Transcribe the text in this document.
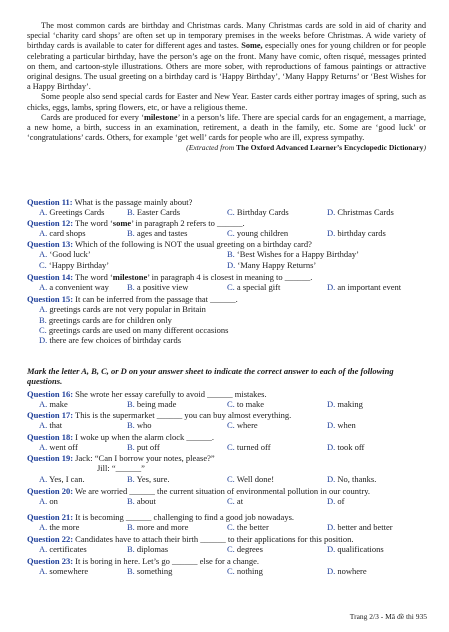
The most common cards are birthday and Christmas cards. Many Christmas cards are sold in aid of charity and special ‘charity card shops’ are often set up in temporary premises in the weeks before Christmas. A wide variety of birthday cards is available to cater for different ages and tastes. Some, especially ones for young children or for people celebrating a particular birthday, have the person’s age on the front. Many have comic, often risqué, messages printed on them, and cartoon-style illustrations. Others are more sober, with reproductions of famous paintings or attractive original designs. The usual greeting on a birthday card is ‘Happy Birthday’, ‘Many Happy Returns’ or ‘Best Wishes for a Happy Birthday’.

Some people also send special cards for Easter and New Year. Easter cards either portray images of spring, such as chicks, eggs, lambs, spring flowers, etc, or have a religious theme.

Cards are produced for every ‘milestone’ in a person’s life. There are special cards for an engagement, a marriage, a new home, a birth, success in an examination, retirement, a death in the family, etc. Some are ‘good luck’ or ‘congratulations’ cards. Others, for example ‘get well’ cards for people who are ill, express sympathy.

(Extracted from The Oxford Advanced Learner’s Encyclopedic Dictionary)

Question 11: What is the passage mainly about?

A. Greetings Cards	B. Easter Cards	C. Birthday Cards	D. Christmas Cards

Question 12: The word ‘some’ in paragraph 2 refers to ______.

A. card shops	B. ages and tastes	C. young children	D. birthday cards

Question 13: Which of the following is NOT the usual greeting on a birthday card?

A. ‘Good luck’	B. ‘Best Wishes for a Happy Birthday’
C. ‘Happy Birthday’	D. ‘Many Happy Returns’

Question 14: The word ‘milestone’ in paragraph 4 is closest in meaning to ______.

A. a convenient way	B. a positive view	C. a special gift	D. an important event

Question 15: It can be inferred from the passage that ______.

A. greetings cards are not very popular in Britain
B. greetings cards are for children only
C. greetings cards are used on many different occasions
D. there are few choices of birthday cards
Mark the letter A, B, C, or D on your answer sheet to indicate the correct answer to each of the following questions.

Question 16: She wrote her essay carefully to avoid ______ mistakes.

A. make	B. being made	C. to make	D. making

Question 17: This is the supermarket ______ you can buy almost everything.

A. that	B. who	C. where	D. when

Question 18: I woke up when the alarm clock ______.

A. went off	B. put off	C. turned off	D. took off

Question 19: Jack: “Can I borrow your notes, please?”

Jill: “______”

A. Yes, I can.	B. Yes, sure.	C. Well done!	D. No, thanks.

Question 20: We are worried ______ the current situation of environmental pollution in our country.

A. on	B. about	C. at	D. of

Question 21: It is becoming ______ challenging to find a good job nowadays.

A. the more	B. more and more	C. the better	D. better and better

Question 22: Candidates have to attach their birth ______ to their applications for this position.

A. certificates	B. diplomas	C. degrees	D. qualifications

Question 23: It is boring in here. Let’s go ______ else for a change.

A. somewhere	B. something	C. nothing	D. nowhere
Trang 2/3 - Mã đề thi 935
